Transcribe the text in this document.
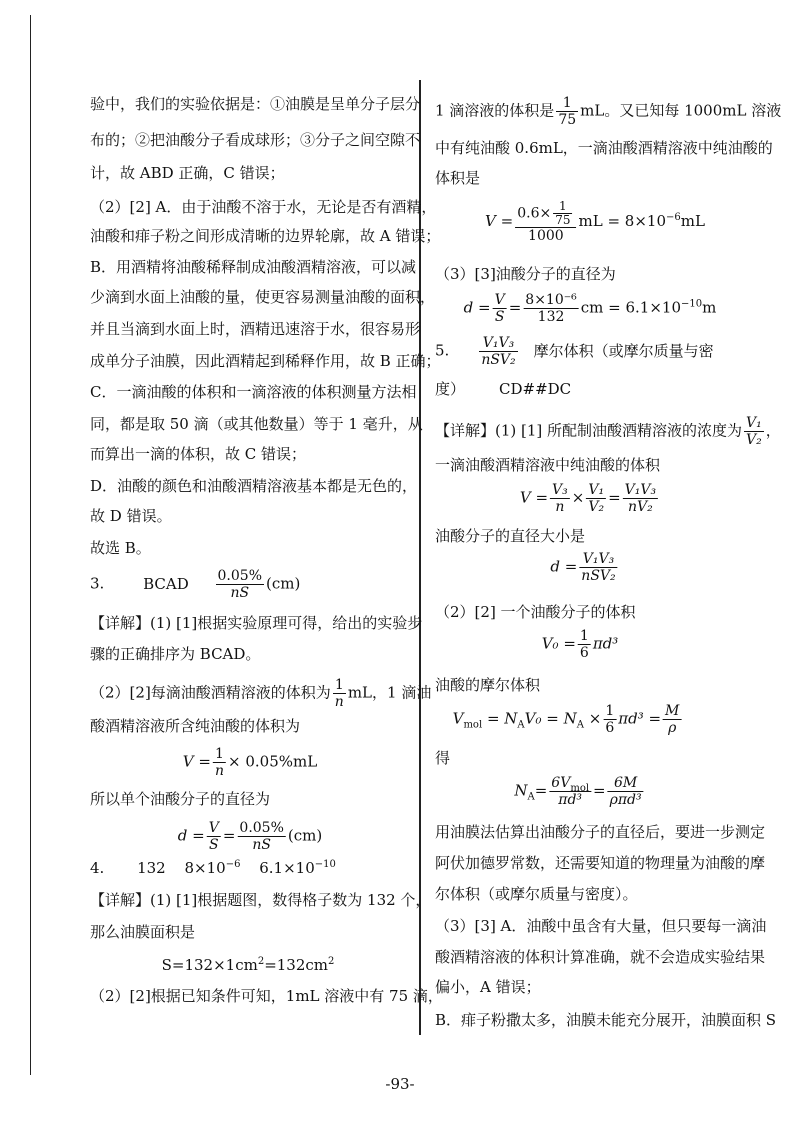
验中，我们的实验依据是：①油膜是呈单分子层分
布的；②把油酸分子看成球形；③分子之间空隙不
计，故 ABD 正确，C 错误；
（2）[2] A．由于油酸不溶于水，无论是否有酒精，
油酸和痱子粉之间形成清晰的边界轮廓，故 A 错误；
B．用酒精将油酸稀释制成油酸酒精溶液，可以减
少滴到水面上油酸的量，使更容易测量油酸的面积，
并且当滴到水面上时，酒精迅速溶于水，很容易形
成单分子油膜，因此酒精起到稀释作用，故 B 正确；
C．一滴油酸的体积和一滴溶液的体积测量方法相
同，都是取 50 滴（或其他数量）等于 1 毫升，从
而算出一滴的体积，故 C 错误；
D．油酸的颜色和油酸酒精溶液基本都是无色的，
故 D 错误。
故选 B。
3.	BCAD $\frac{0.05\%}{nS} (cm)$
【详解】(1) [1]根据实验原理可得，给出的实验步
骤的正确排序为 BCAD。
（2）[2]每滴油酸酒精溶液的体积为 $\frac{1}{n}$ mL，1 滴油
酸酒精溶液所含纯油酸的体积为
$V = \frac{1}{n} \times 0.05\%mL$
所以单个油酸分子的直径为
$d = \frac{V}{S} = \frac{0.05\%}{nS} (cm)$
4. 132 $8\times 10^{-6}$ $6.1\times 10^{-10}$
【详解】(1) [1]根据题图，数得格子数为 132 个，
那么油膜面积是
$S=132\times 1cm^2=132cm^2$
（2）[2]根据已知条件可知，1mL 溶液中有 75 滴，
1 滴溶液的体积是 $\frac{1}{75}$ mL。又已知每 1000mL 溶液
中有纯油酸 0.6mL，一滴油酸酒精溶液中纯油酸的
体积是
$V = \frac{0.6\times \frac{1}{75}}{1000}$ mL = $8\times 10^{-6}mL$
（3）[3]油酸分子的直径为
$d = \frac{V}{S} = \frac{\text{8×10⁻⁶}}{132}$ cm = $6.1\times 10^{-10}m$
5. $\frac{\text{V₁V₃}}{\text{nSV₂}}$ 摩尔体积（或摩尔质量与密
度） CD##DC
【详解】(1) [1] 所配制油酸酒精溶液的浓度为 $\frac{\text{V₁}}{\text{V₂}}$ ，
一滴油酸酒精溶液中纯油酸的体积
$V = \frac{\text{V₃}}{n} \times \frac{\text{V₁}}{\text{V₂}} = \frac{\text{V₁V₃}}{\text{nV₂}}$
油酸分子的直径大小是
$d = \frac{\text{V₁V₃}}{\text{nSV₂}}$
（2）[2] 一个油酸分子的体积
$V_0 = \frac{1}{6} \pi d^3$
油酸的摩尔体积
$V_{mol} = N_AV_0 = N_A \times \frac{1}{6} \pi d^3 = \frac{M}{\rho}$
得
$N_A= \frac{6V_{mol}}{\text{πd³}} = \frac{6M}{\text{ρπd³}}$
用油膜法估算出油酸分子的直径后，要进一步测定
阿伏加德罗常数，还需要知道的物理量为油酸的摩
尔体积（或摩尔质量与密度）。
（3）[3] A．油酸中虽含有大量，但只要每一滴油
酸酒精溶液的体积计算准确，就不会造成实验结果
偏小，A 错误；
B．痱子粉撒太多，油膜未能充分展开，油膜面积 S
-93-
